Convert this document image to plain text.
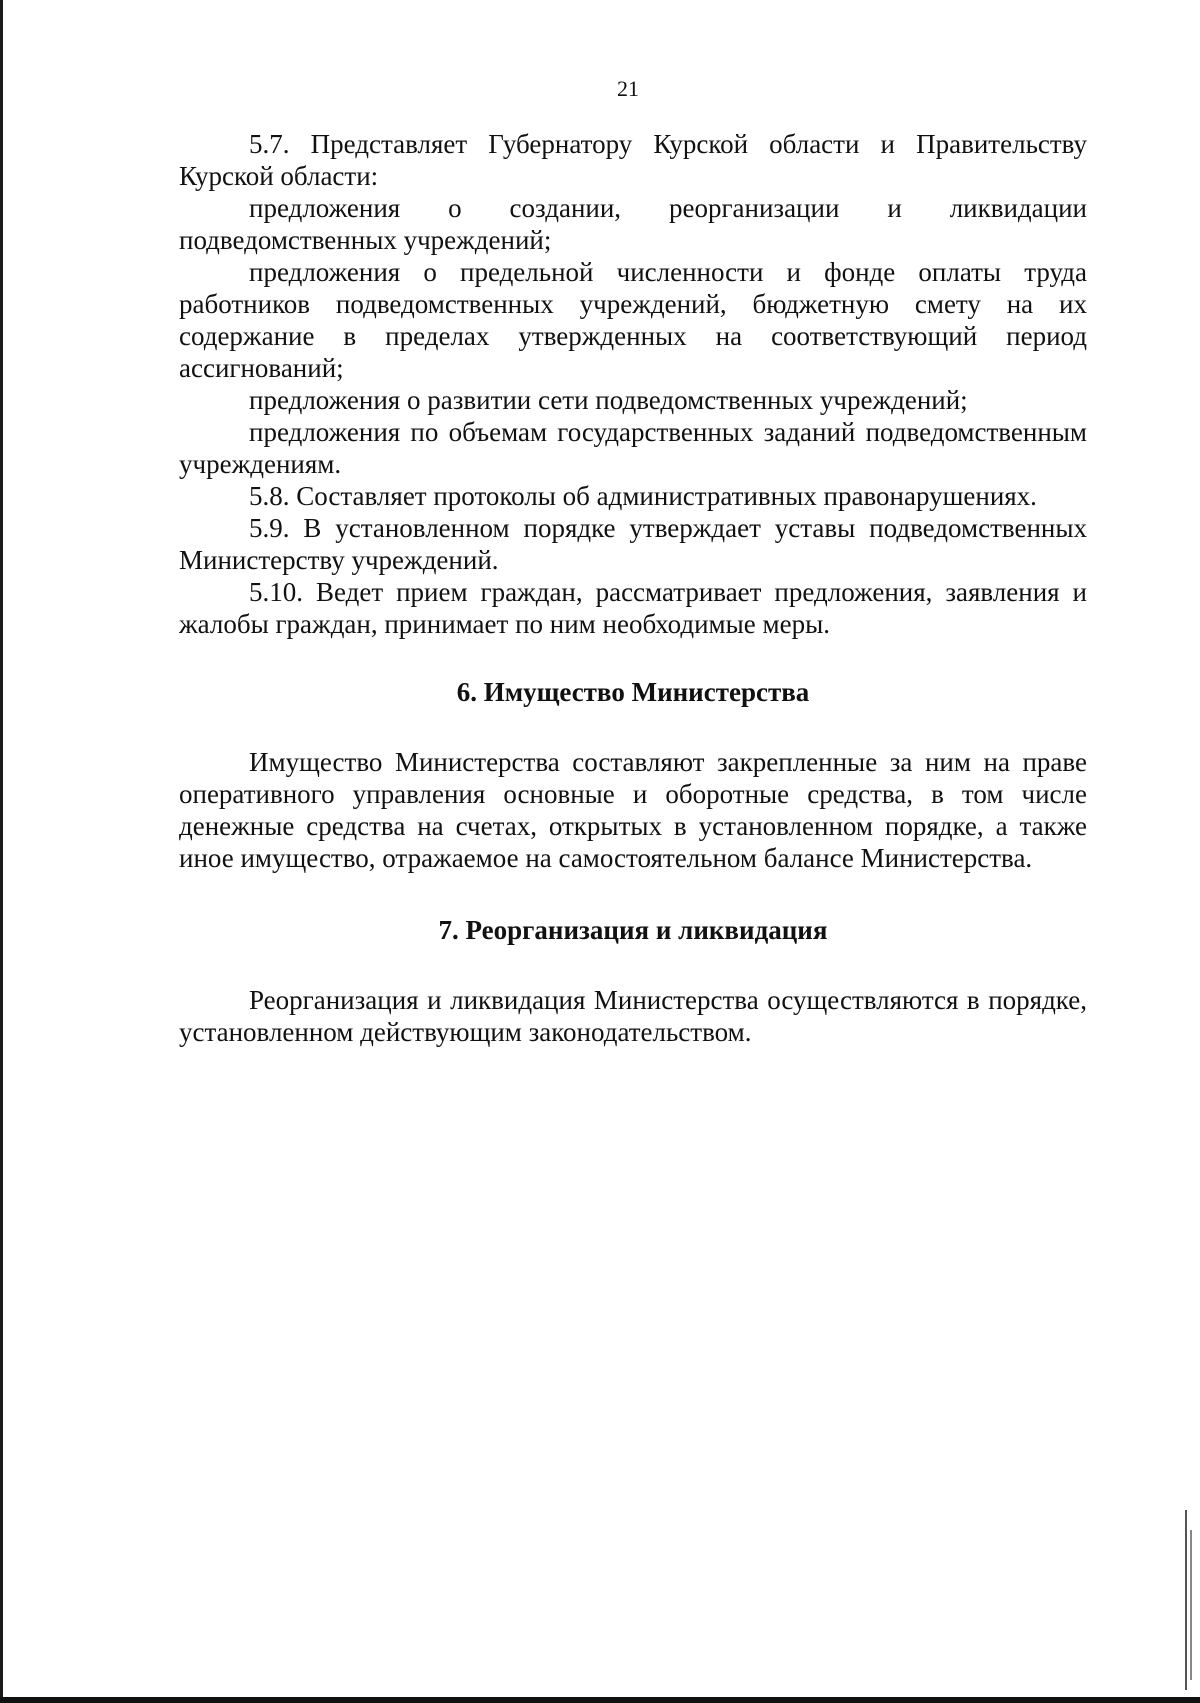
21

5.7. Представляет Губернатору Курской области и Правительству Курской области:

предложения о создании, реорганизации и ликвидации подведомственных учреждений;

предложения о предельной численности и фонде оплаты труда работников подведомственных учреждений, бюджетную смету на их содержание в пределах утвержденных на соответствующий период ассигнований;

предложения о развитии сети подведомственных учреждений;

предложения по объемам государственных заданий подведомственным учреждениям.

5.8. Составляет протоколы об административных правонарушениях.

5.9. В установленном порядке утверждает уставы подведомственных Министерству учреждений.

5.10. Ведет прием граждан, рассматривает предложения, заявления и жалобы граждан, принимает по ним необходимые меры.

6. Имущество Министерства

Имущество Министерства составляют закрепленные за ним на праве оперативного управления основные и оборотные средства, в том числе денежные средства на счетах, открытых в установленном порядке, а также иное имущество, отражаемое на самостоятельном балансе Министерства.

7. Реорганизация и ликвидация

Реорганизация и ликвидация Министерства осуществляются в порядке, установленном действующим законодательством.
